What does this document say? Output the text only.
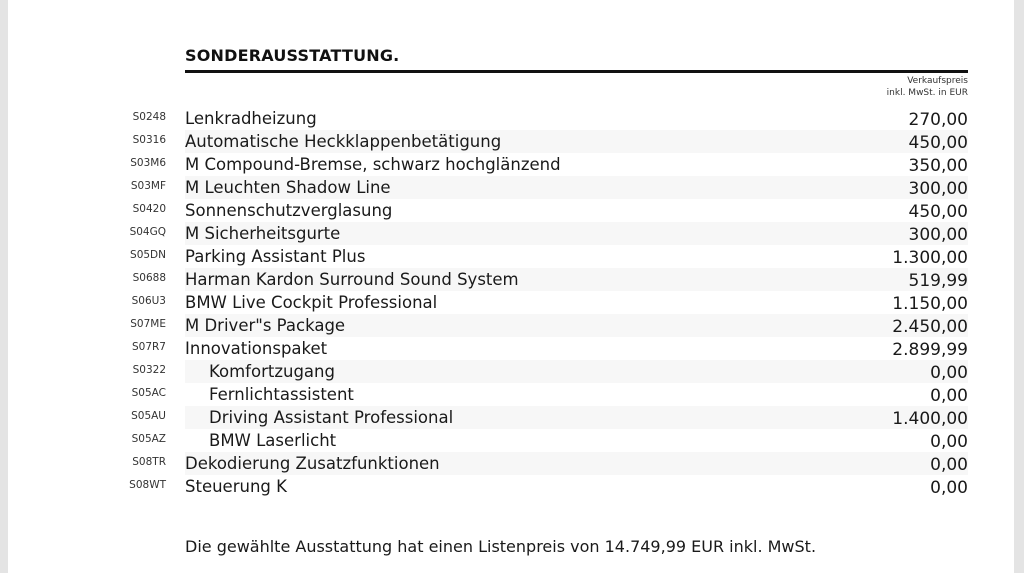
SONDERAUSSTATTUNG.
Verkaufspreis
inkl. MwSt. in EUR
S0248 Lenkradheizung	270,00
S0316 Automatische Heckklappenbetätigung	450,00
S03M6 M Compound-Bremse, schwarz hochglänzend	350,00
S03MF M Leuchten Shadow Line	300,00
S0420 Sonnenschutzverglasung	450,00
S04GQ M Sicherheitsgurte	300,00
S05DN Parking Assistant Plus	1.300,00
S0688 Harman Kardon Surround Sound System	519,99
S06U3 BMW Live Cockpit Professional	1.150,00
S07ME M Driver"s Package	2.450,00
S07R7 Innovationspaket	2.899,99
S0322	Komfortzugang	0,00
S05AC	Fernlichtassistent	0,00
S05AU	Driving Assistant Professional	1.400,00
S05AZ	BMW Laserlicht	0,00
S08TR Dekodierung Zusatzfunktionen	0,00
S08WT Steuerung K	0,00
Die gewählte Ausstattung hat einen Listenpreis von 14.749,99 EUR inkl. MwSt.
